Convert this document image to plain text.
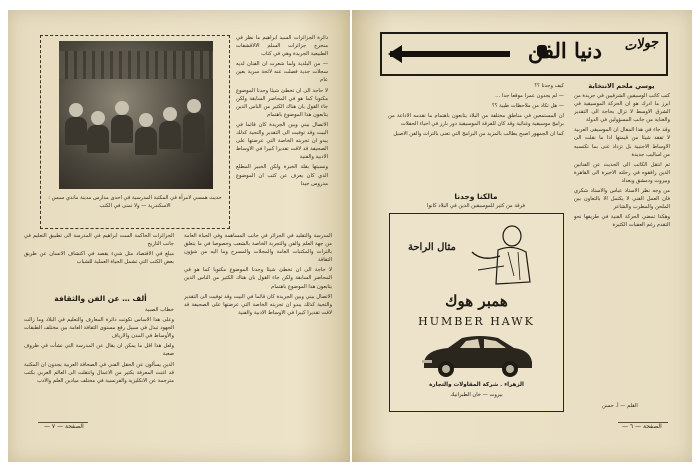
حديث همسي لامرأة في المكتبة المدرسية في احدى مدارس مدينة ماندي سبس : الاسكندرية — ولا تمنى في الكتب

دائرة الجزائرات السيد ابراهيم ما نظر في منحرج جزائرات السلم الالاقشفات الطبيعية الجريدة وهي في كتاب

— من البلدية ولما شعرت ان الفنان لديه سجلات جدية فصلت عنه لائحة سرية بعين عام

لا حاجة الى ان تخطئ شيئا وجدنا الموضوع مكتوبا كما هو في المحاضر السابقة ولكن جاء القول بان هناك الكثير من الناس الذين يتابعون هذا الموضوع باهتمام

الاتصال بيني وبين الجريدة كان قائما في البيت وقد توفيت الى التقدير والتحية كذلك يبدو ان تجربته الخاصة التي عرضتها على الصحيفة قد لاقت تقديرا كبيرا في الاوساط الادبية والفنية

ونسبتها بقلة الخبرة ولكن الخبير المطلع الذي كان يعرف عن كثب ان الموضوع مدروس جيدا

الجزائرات الحاكمة الست ابراهيم في المدرسة الى تطبيق التعليم في جانب التاريخ

مبلغ في الاقتصاد مثل شيء يقصد في اكتشاف الانسان عن طريق بعض الكتب التي تشمل الحياة العملية للشباب

ألف … عن الفن والثقافة

خطاب الصبية

وعلى هذا الاساس تكونت دائرة المعارف والتعليم في البلاد وما زالت الجهود تبذل في سبيل رفع مستوى الثقافة العامة بين مختلف الطبقات والأوساط في المدن والارياف

ولعل هذا اقل ما يمكن ان يقال عن المدرسة التي نشأت في ظروف صعبة

الذين يسألون عن الحقل الفني في الصحافة العربية يجدون ان المكتبة قد اغنت المعرفة بكثير من الاعمال وانتقلت الى العالم العربي بكتب مترجمة عن الانكليزية والفرنسية في مختلف ميادين العلم والادب

المدرسة والتقليد في الجزائر في جانب المساهمة وفي الحياة العامة من جهة العلم والفن والتجربة الخاصة بالشعب وخصوصا في ما يتعلق بالتراث والمكتبات العامة والمجلات والمسرح وما اليه من شؤون الثقافة

لا حاجة الى ان تخطئ شيئا وجدنا الموضوع مكتوبا كما هو في المحاضر السابقة ولكن جاء القول بان هناك الكثير من الناس الذين يتابعون هذا الموضوع باهتمام

الاتصال بيني وبين الجريدة كان قائما في البيت وقد توفيت الى التقدير والتحية كذلك يبدو ان تجربته الخاصة التي عرضتها على الصحيفة قد لاقت تقديرا كبيرا في الاوساط الادبية والفنية

الصفحة — ٧ —
دنيا الفن جولات
يوسي ملحم الانتخابة

كتب كاتب الوسيقين الشرقيين في جريدة من ابرز ما ادرك هو ان الحركة الموسيقية في الشرق الاوسط لا تزال بحاجة الى التقدير والعناية من جانب المسؤولين في الدولة

وقد جاء في هذا المقال ان الموسيقى العربية لا تفقد شيئا من قيمتها اذا ما نقلت الى الاوساط الاجنبية بل تزداد غنى بما تكتسبه من اساليب جديدة

ثم انتقل الكاتب الى الحديث عن الفنانين الذين رافقوه في رحلته الاخيرة الى القاهرة وبيروت ودمشق وبغداد

من وجه نظر الاستاذ عباس والاستاذ شكري فان العمل الفني لا يكتمل الا بالتعاون بين الملحن والمطرب والشاعر

وهكذا تمضي الحركة الفنية في طريقها نحو التقدم رغم العقبات الكثيرة

كيف وجدنا ؟؟

— لم يجدون عمرا موقعا جدا …

— هل تكاد من ملاحظات طيبة ؟؟

ان المستمعين في مناطق مختلفة من البلاد يتابعون باهتمام ما تقدمه الاذاعة من برامج موسيقية وغنائية وقد كان للفرقة الموسيقية دور بارز في احياء الحفلات

كما ان الجمهور اصبح يطالب بالمزيد من البرامج التي تعنى بالتراث والفن الاصيل

مالكنا وجدنا
فرقة من كثير للموسيقين الذين في البلاد كانوا
مثال الراحة
همبر هوك
HUMBER HAWK
الزهراء . شركة المقاولات والتجارة
بيروت — خان الطبرانيك
القلم — أ. حسن
الصفحة — ٦ —
